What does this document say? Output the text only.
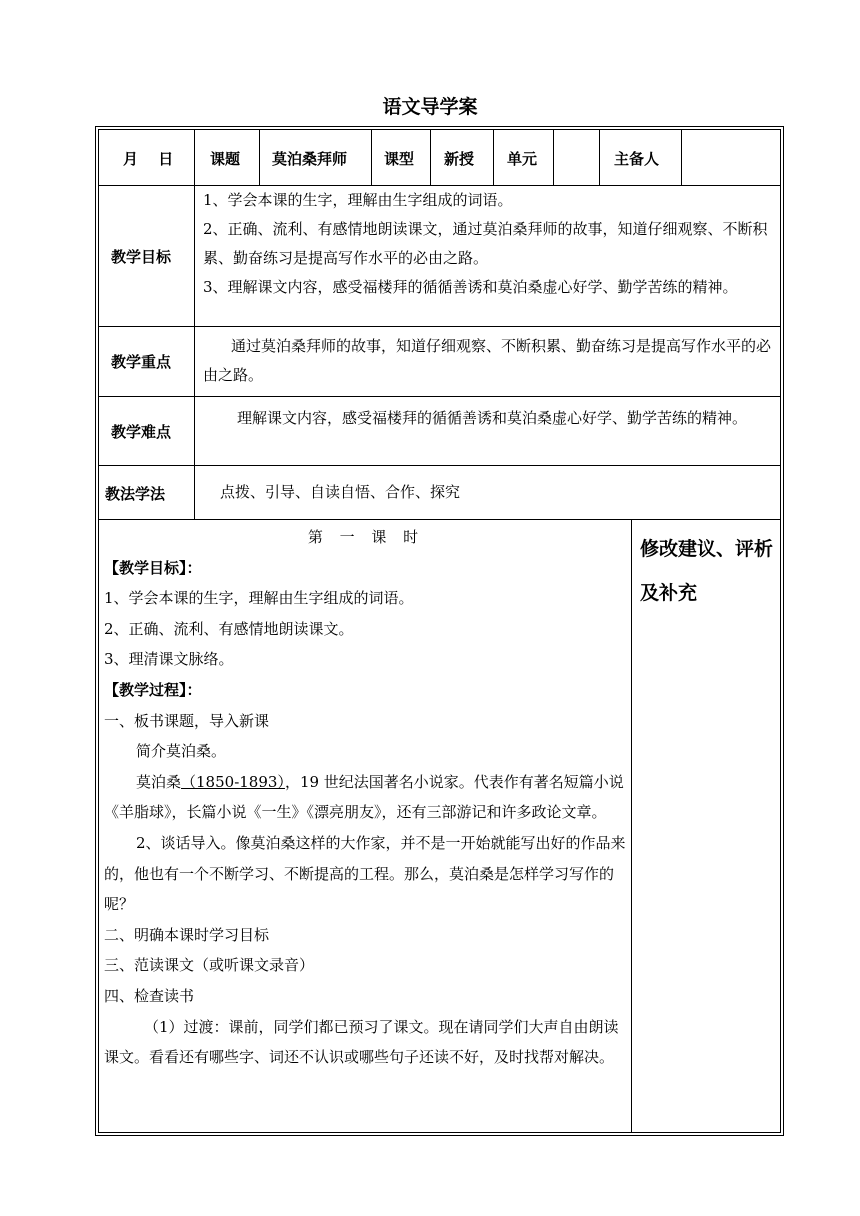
语文导学案
月　 日 课题 莫泊桑拜师 课型 新授 单元	主备人
教学目标
1、学会本课的生字，理解由生字组成的词语。
2、正确、流利、有感情地朗读课文，通过莫泊桑拜师的故事，知道仔细观察、不断积累、勤奋练习是提高写作水平的必由之路。
3、理解课文内容，感受福楼拜的循循善诱和莫泊桑虚心好学、勤学苦练的精神。
教学重点
通过莫泊桑拜师的故事，知道仔细观察、不断积累、勤奋练习是提高写作水平的必由之路。
教学难点
理解课文内容，感受福楼拜的循循善诱和莫泊桑虚心好学、勤学苦练的精神。
教法学法	点拨、引导、自读自悟、合作、探究
第 一 课 时
【教学目标】：
1、学会本课的生字，理解由生字组成的词语。
2、正确、流利、有感情地朗读课文。
3、理清课文脉络。
【教学过程】：
一、板书课题，导入新课
简介莫泊桑。
莫泊桑（1850-1893），19 世纪法国著名小说家。代表作有著名短篇小说《羊脂球》，长篇小说《一生》《漂亮朋友》，还有三部游记和许多政论文章。
2、谈话导入。像莫泊桑这样的大作家，并不是一开始就能写出好的作品来的，他也有一个不断学习、不断提高的工程。那么，莫泊桑是怎样学习写作的呢？
二、明确本课时学习目标
三、范读课文（或听课文录音）
四、检查读书
（1）过渡：课前，同学们都已预习了课文。现在请同学们大声自由朗读课文。看看还有哪些字、词还不认识或哪些句子还读不好，及时找帮对解决。
修改建议、评析及补充
